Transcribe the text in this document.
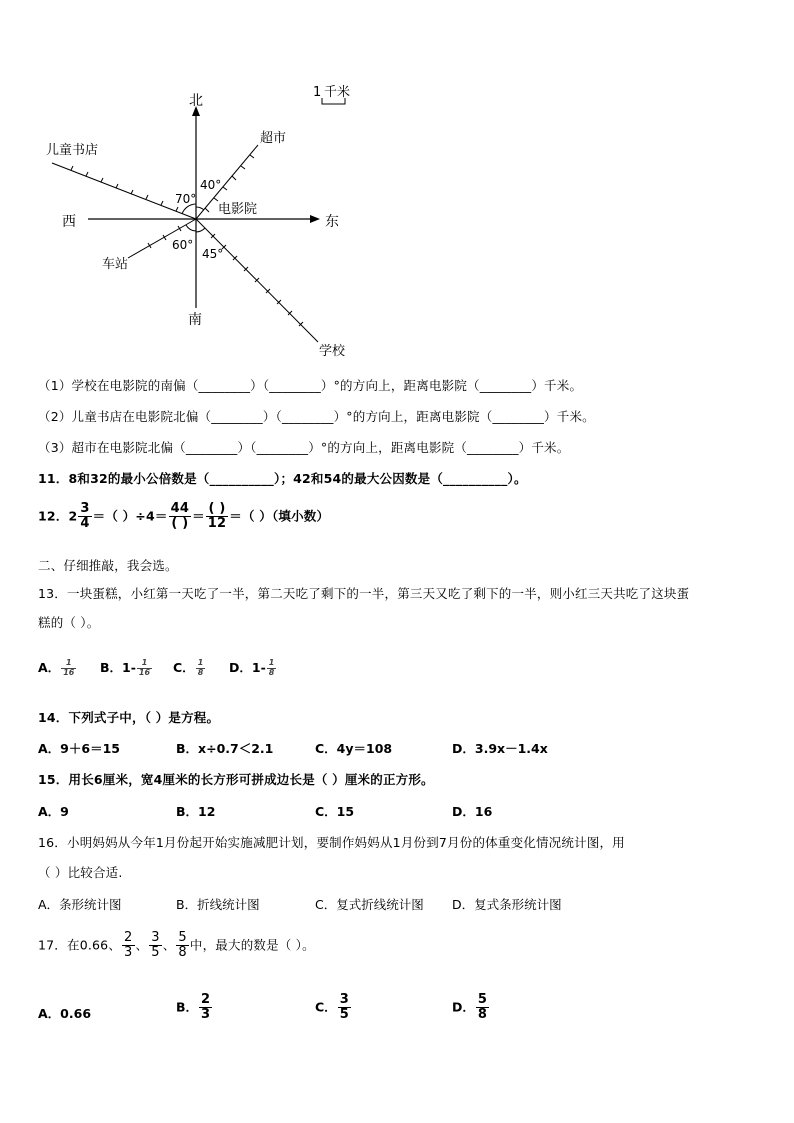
1 千米
北
南
西	东
超市
儿童书店
车站
学校
40°
70°
60°
45°
电影院
（1）学校在电影院的南偏（________）（________）°的方向上，距离电影院（________）千米。
（2）儿童书店在电影院北偏（________）（________）°的方向上，距离电影院（________）千米。
（3）超市在电影院北偏（________）（________）°的方向上，距离电影院（________）千米。
11．8和32的最小公倍数是（__________）；42和54的最大公因数是（__________）。
12．$2 \frac{3}{4}$ ＝（ ）$\div 4= \frac{44}{( )} = \frac{( )}{12}$ ＝（ ）（填小数）
二、仔细推敲，我会选。
13．一块蛋糕，小红第一天吃了一半，第二天吃了剩下的一半，第三天又吃了剩下的一半，则小红三天共吃了这块蛋
糕的（ ）。
A． $\frac{1}{16}$ B．$1- \frac{1}{16}$ C． $\frac{1}{8}$ D．$1- \frac{1}{8}$
14．下列式子中，（ ）是方程。
A．9＋6＝15	B．x÷0.7＜2.1	C．4y＝108	D．3.9x－1.4x
15．用长6厘米，宽4厘米的长方形可拼成边长是（ ）厘米的正方形。
A．9	B．12	C．15	D．16
16．小明妈妈从今年1月份起开始实施减肥计划，要制作妈妈从1月份到7月份的体重变化情况统计图，用
（ ）比较合适.
A．条形统计图	B．折线统计图	C．复式折线统计图 D．复式条形统计图
17．在0.66、 $\frac{2}{3}$ 、 $\frac{3}{5}$ 、 $\frac{5}{8}$ 中，最大的数是（ ）。
A．0.66	B． $\frac{2}{3}$	C． $\frac{3}{5}$	D． $\frac{5}{8}$
